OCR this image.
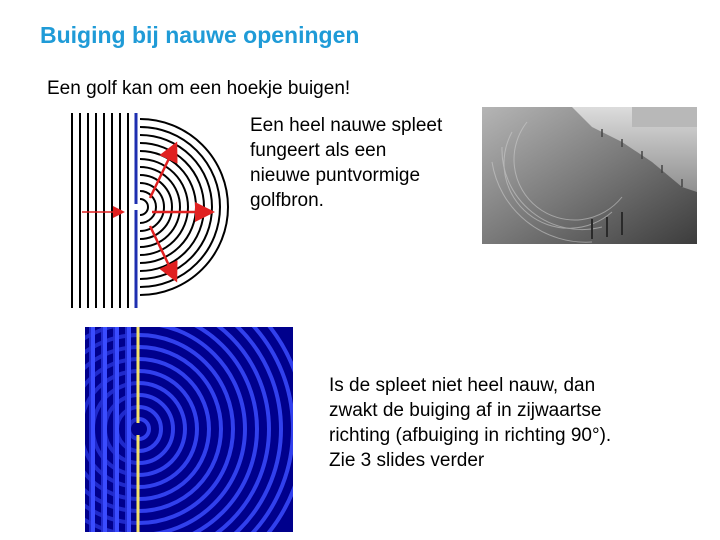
Buiging bij nauwe openingen
Een golf kan om een hoekje buigen!
Een heel nauwe spleet
fungeert als een
nieuwe puntvormige
golfbron.
Is de spleet niet heel nauw, dan
zwakt de buiging af in zijwaartse
richting (afbuiging in richting 90°).
Zie 3 slides verder
